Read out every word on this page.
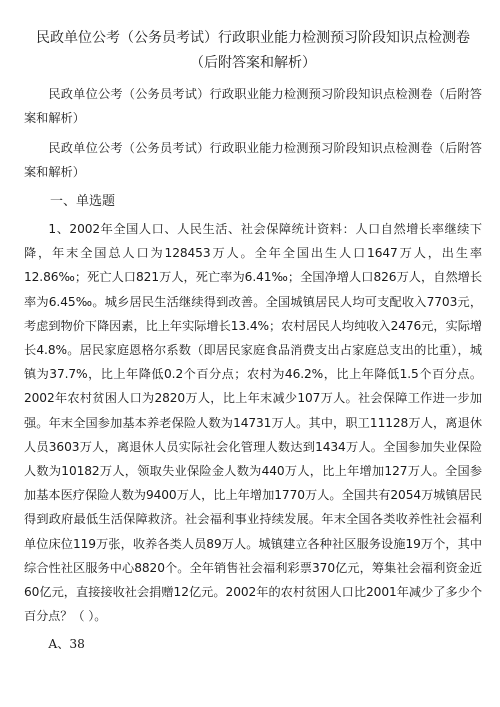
民政单位公考（公务员考试）行政职业能力检测预习阶段知识点检测卷（后附答案和解析）

民政单位公考（公务员考试）行政职业能力检测预习阶段知识点检测卷（后附答案和解析）

民政单位公考（公务员考试）行政职业能力检测预习阶段知识点检测卷（后附答案和解析）

一、单选题

1、2002年全国人口、人民生活、社会保障统计资料：人口自然增长率继续下降，年末全国总人口为128453万人。全年全国出生人口1647万人，出生率12.86‰；死亡人口821万人，死亡率为6.41‰；全国净增人口826万人，自然增长率为6.45‰。城乡居民生活继续得到改善。全国城镇居民人均可支配收入7703元，考虑到物价下降因素，比上年实际增长13.4%；农村居民人均纯收入2476元，实际增长4.8%。居民家庭恩格尔系数（即居民家庭食品消费支出占家庭总支出的比重），城镇为37.7%，比上年降低0.2个百分点；农村为46.2%，比上年降低1.5个百分点。2002年农村贫困人口为2820万人，比上年末减少107万人。社会保障工作进一步加强。年末全国参加基本养老保险人数为14731万人。其中，职工11128万人，离退休人员3603万人，离退休人员实际社会化管理人数达到1434万人。全国参加失业保险人数为10182万人，领取失业保险金人数为440万人，比上年增加127万人。全国参加基本医疗保险人数为9400万人，比上年增加1770万人。全国共有2054万城镇居民得到政府最低生活保障救济。社会福利事业持续发展。年末全国各类收养性社会福利单位床位119万张，收养各类人员89万人。城镇建立各种社区服务设施19万个，其中综合性社区服务中心8820个。全年销售社会福利彩票370亿元，筹集社会福利资金近60亿元，直接接收社会捐赠12亿元。2002年的农村贫困人口比2001年减少了多少个百分点？（ ）。

A、38
